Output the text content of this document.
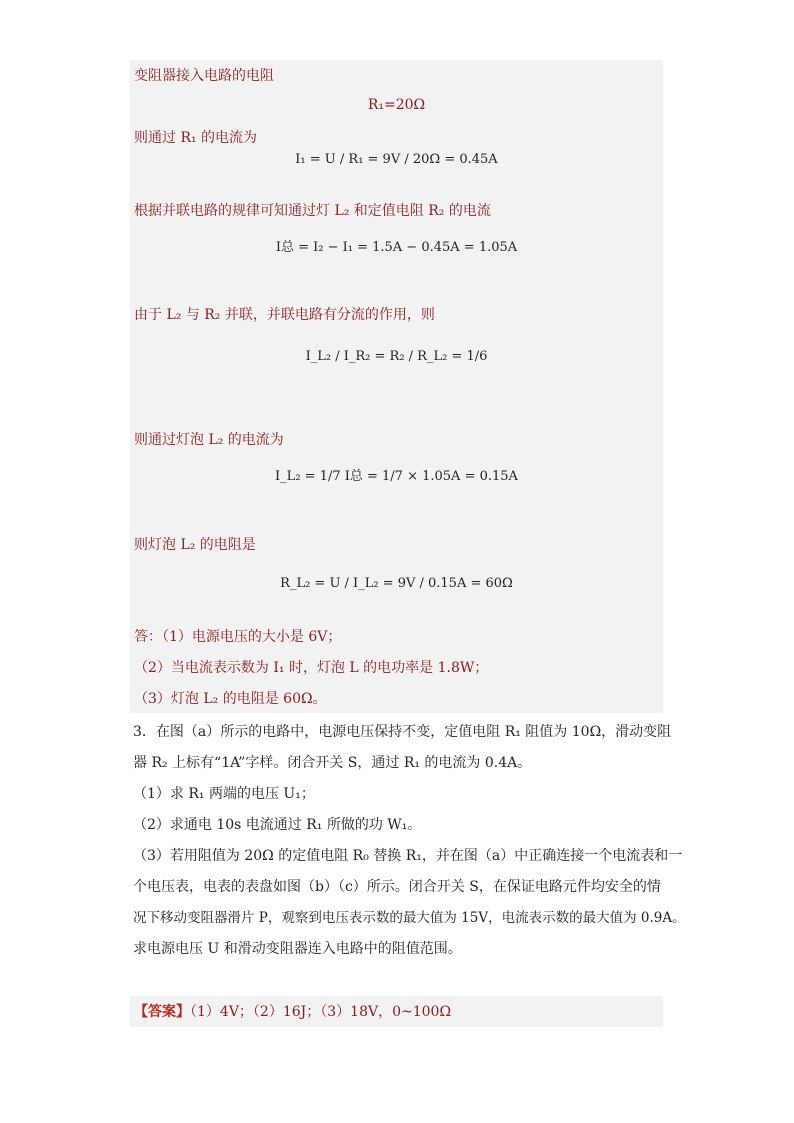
变阻器接入电路的电阻
R₁=20Ω
则通过 R₁ 的电流为
I₁ = U / R₁ = 9V / 20Ω = 0.45A
根据并联电路的规律可知通过灯 L₂ 和定值电阻 R₂ 的电流
I总 = I₂ − I₁ = 1.5A − 0.45A = 1.05A
由于 L₂ 与 R₂ 并联，并联电路有分流的作用，则
I_L₂ / I_R₂ = R₂ / R_L₂ = 1/6
则通过灯泡 L₂ 的电流为
I_L₂ = 1/7 I总 = 1/7 × 1.05A = 0.15A
则灯泡 L₂ 的电阻是
R_L₂ = U / I_L₂ = 9V / 0.15A = 60Ω
答：（1）电源电压的大小是 6V；
（2）当电流表示数为 I₁ 时，灯泡 L 的电功率是 1.8W；
（3）灯泡 L₂ 的电阻是 60Ω。
3．在图（a）所示的电路中，电源电压保持不变，定值电阻 R₁ 阻值为 10Ω，滑动变阻
器 R₂ 上标有“1A”字样。闭合开关 S，通过 R₁ 的电流为 0.4A。
（1）求 R₁ 两端的电压 U₁；
（2）求通电 10s 电流通过 R₁ 所做的功 W₁。
（3）若用阻值为 20Ω 的定值电阻 R₀ 替换 R₁，并在图（a）中正确连接一个电流表和一
个电压表，电表的表盘如图（b）（c）所示。闭合开关 S，在保证电路元件均安全的情
况下移动变阻器滑片 P，观察到电压表示数的最大值为 15V，电流表示数的最大值为 0.9A。
求电源电压 U 和滑动变阻器连入电路中的阻值范围。
【答案】（1）4V；（2）16J；（3）18V，0~100Ω
